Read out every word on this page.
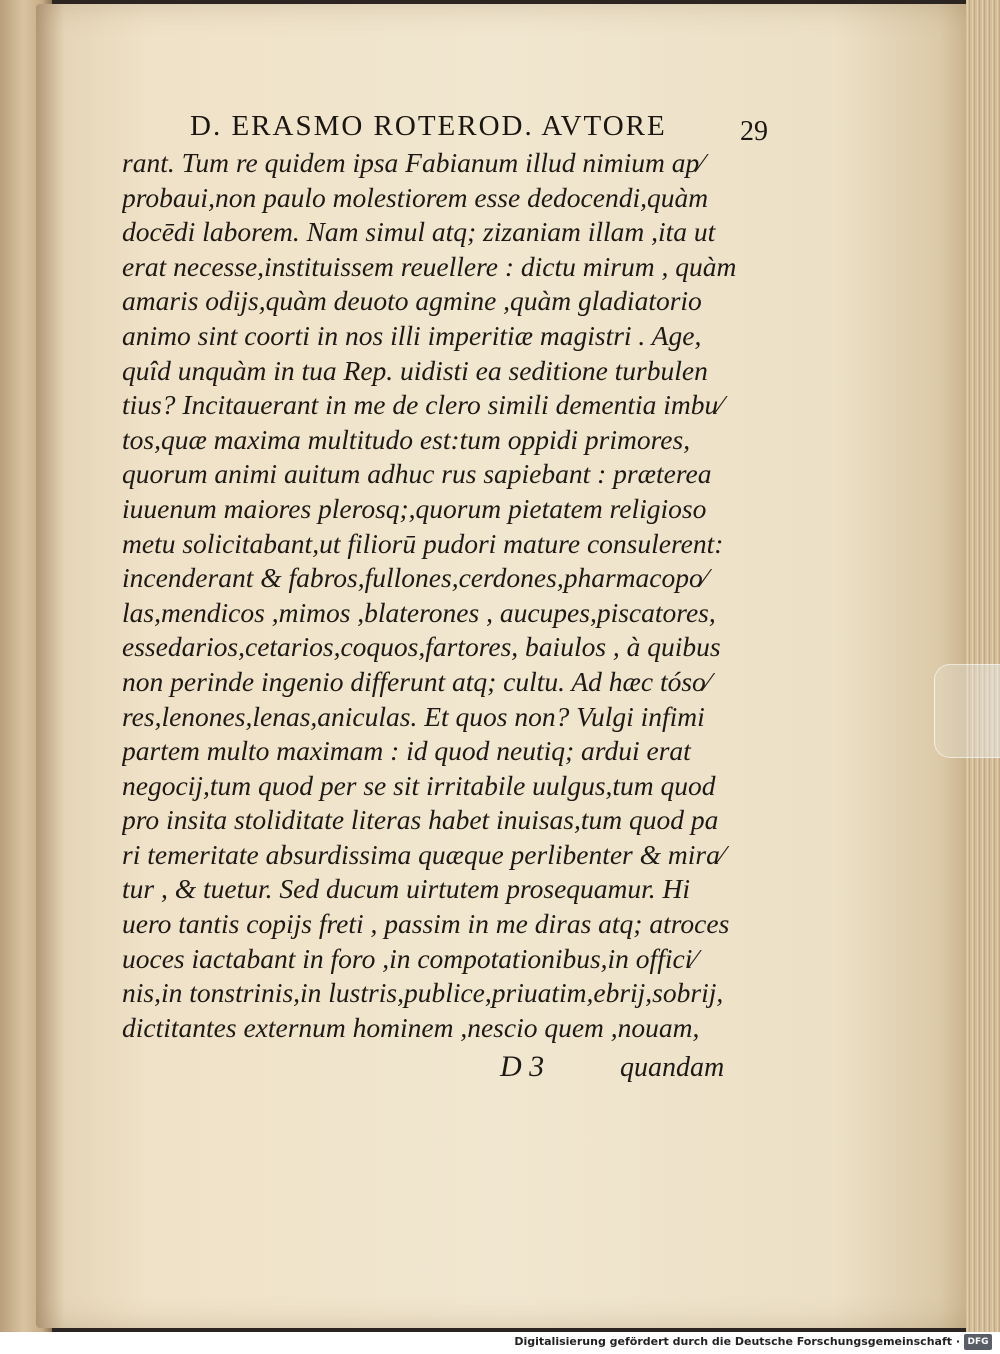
D. ERASMO ROTEROD. AVTORE	29
rant. Tum re quidem ipsa Fabianum illud nimium ap⁄
probaui,non paulo molestiorem esse dedocendi,quàm
docēdi laborem. Nam simul atq; zizaniam illam ,ita ut
erat necesse,instituissem reuellere : dictu mirum , quàm
amaris odijs,quàm deuoto agmine ,quàm gladiatorio
animo sint coorti in nos illi imperitiæ magistri . Age,
quîd unquàm in tua Rep. uidisti ea seditione turbulen
tius? Incitauerant in me de clero simili dementia imbu⁄
tos,quæ maxima multitudo est:tum oppidi primores,
quorum animi auitum adhuc rus sapiebant : præterea
iuuenum maiores plerosq;,quorum pietatem religioso
metu solicitabant,ut filiorū pudori mature consulerent:
incenderant & fabros,fullones,cerdones,pharmacopo⁄
las,mendicos ,mimos ,blaterones , aucupes,piscatores,
essedarios,cetarios,coquos,fartores, baiulos , à quibus
non perinde ingenio differunt atq; cultu. Ad hæc tóso⁄
res,lenones,lenas,aniculas. Et quos non? Vulgi infimi
partem multo maximam : id quod neutiq; ardui erat
negocij,tum quod per se sit irritabile uulgus,tum quod
pro insita stoliditate literas habet inuisas,tum quod pa
ri temeritate absurdissima quæque perlibenter & mira⁄
tur , & tuetur. Sed ducum uirtutem prosequamur. Hi
uero tantis copijs freti , passim in me diras atq; atroces
uoces iactabant in foro ,in compotationibus,in offici⁄
nis,in tonstrinis,in lustris,publice,priuatim,ebrij,sobrij,
dictitantes externum hominem ,nescio quem ,nouam,
D 3	quandam
Digitalisierung gefördert durch die Deutsche Forschungsgemeinschaft · DFG
